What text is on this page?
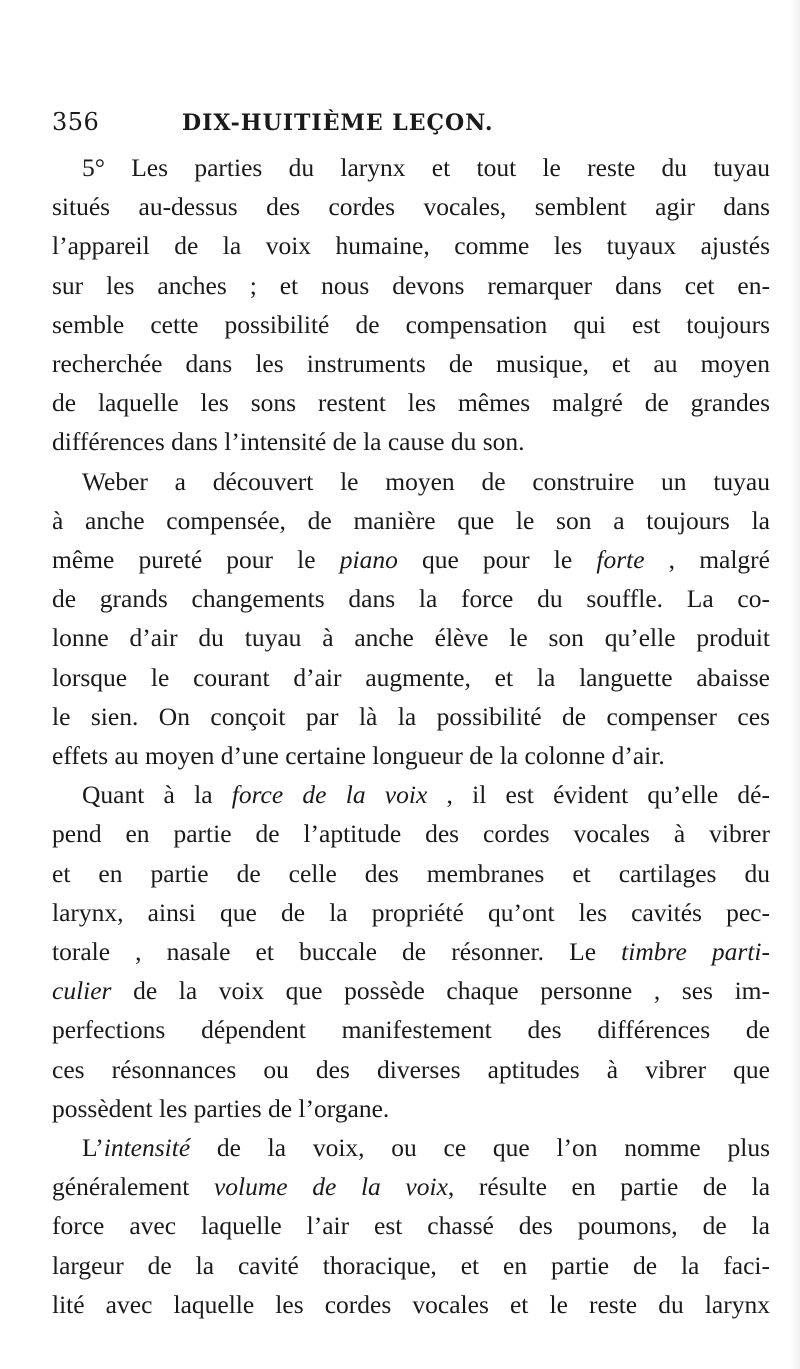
356	DIX-HUITIÈME LEÇON.
5° Les parties du larynx et tout le reste du tuyau
situés au-dessus des cordes vocales, semblent agir dans
l’appareil de la voix humaine, comme les tuyaux ajustés
sur les anches ; et nous devons remarquer dans cet en-
semble cette possibilité de compensation qui est toujours
recherchée dans les instruments de musique, et au moyen
de laquelle les sons restent les mêmes malgré de grandes
différences dans l’intensité de la cause du son.
Weber a découvert le moyen de construire un tuyau
à anche compensée, de manière que le son a toujours la
même pureté pour le piano que pour le forte , malgré
de grands changements dans la force du souffle. La co-
lonne d’air du tuyau à anche élève le son qu’elle produit
lorsque le courant d’air augmente, et la languette abaisse
le sien. On conçoit par là la possibilité de compenser ces
effets au moyen d’une certaine longueur de la colonne d’air.
Quant à la force de la voix , il est évident qu’elle dé-
pend en partie de l’aptitude des cordes vocales à vibrer
et en partie de celle des membranes et cartilages du
larynx, ainsi que de la propriété qu’ont les cavités pec-
torale , nasale et buccale de résonner. Le timbre parti-
culier de la voix que possède chaque personne , ses im-
perfections dépendent manifestement des différences de
ces résonnances ou des diverses aptitudes à vibrer que
possèdent les parties de l’organe.
L’intensité de la voix, ou ce que l’on nomme plus
généralement volume de la voix, résulte en partie de la
force avec laquelle l’air est chassé des poumons, de la
largeur de la cavité thoracique, et en partie de la faci-
lité avec laquelle les cordes vocales et le reste du larynx
